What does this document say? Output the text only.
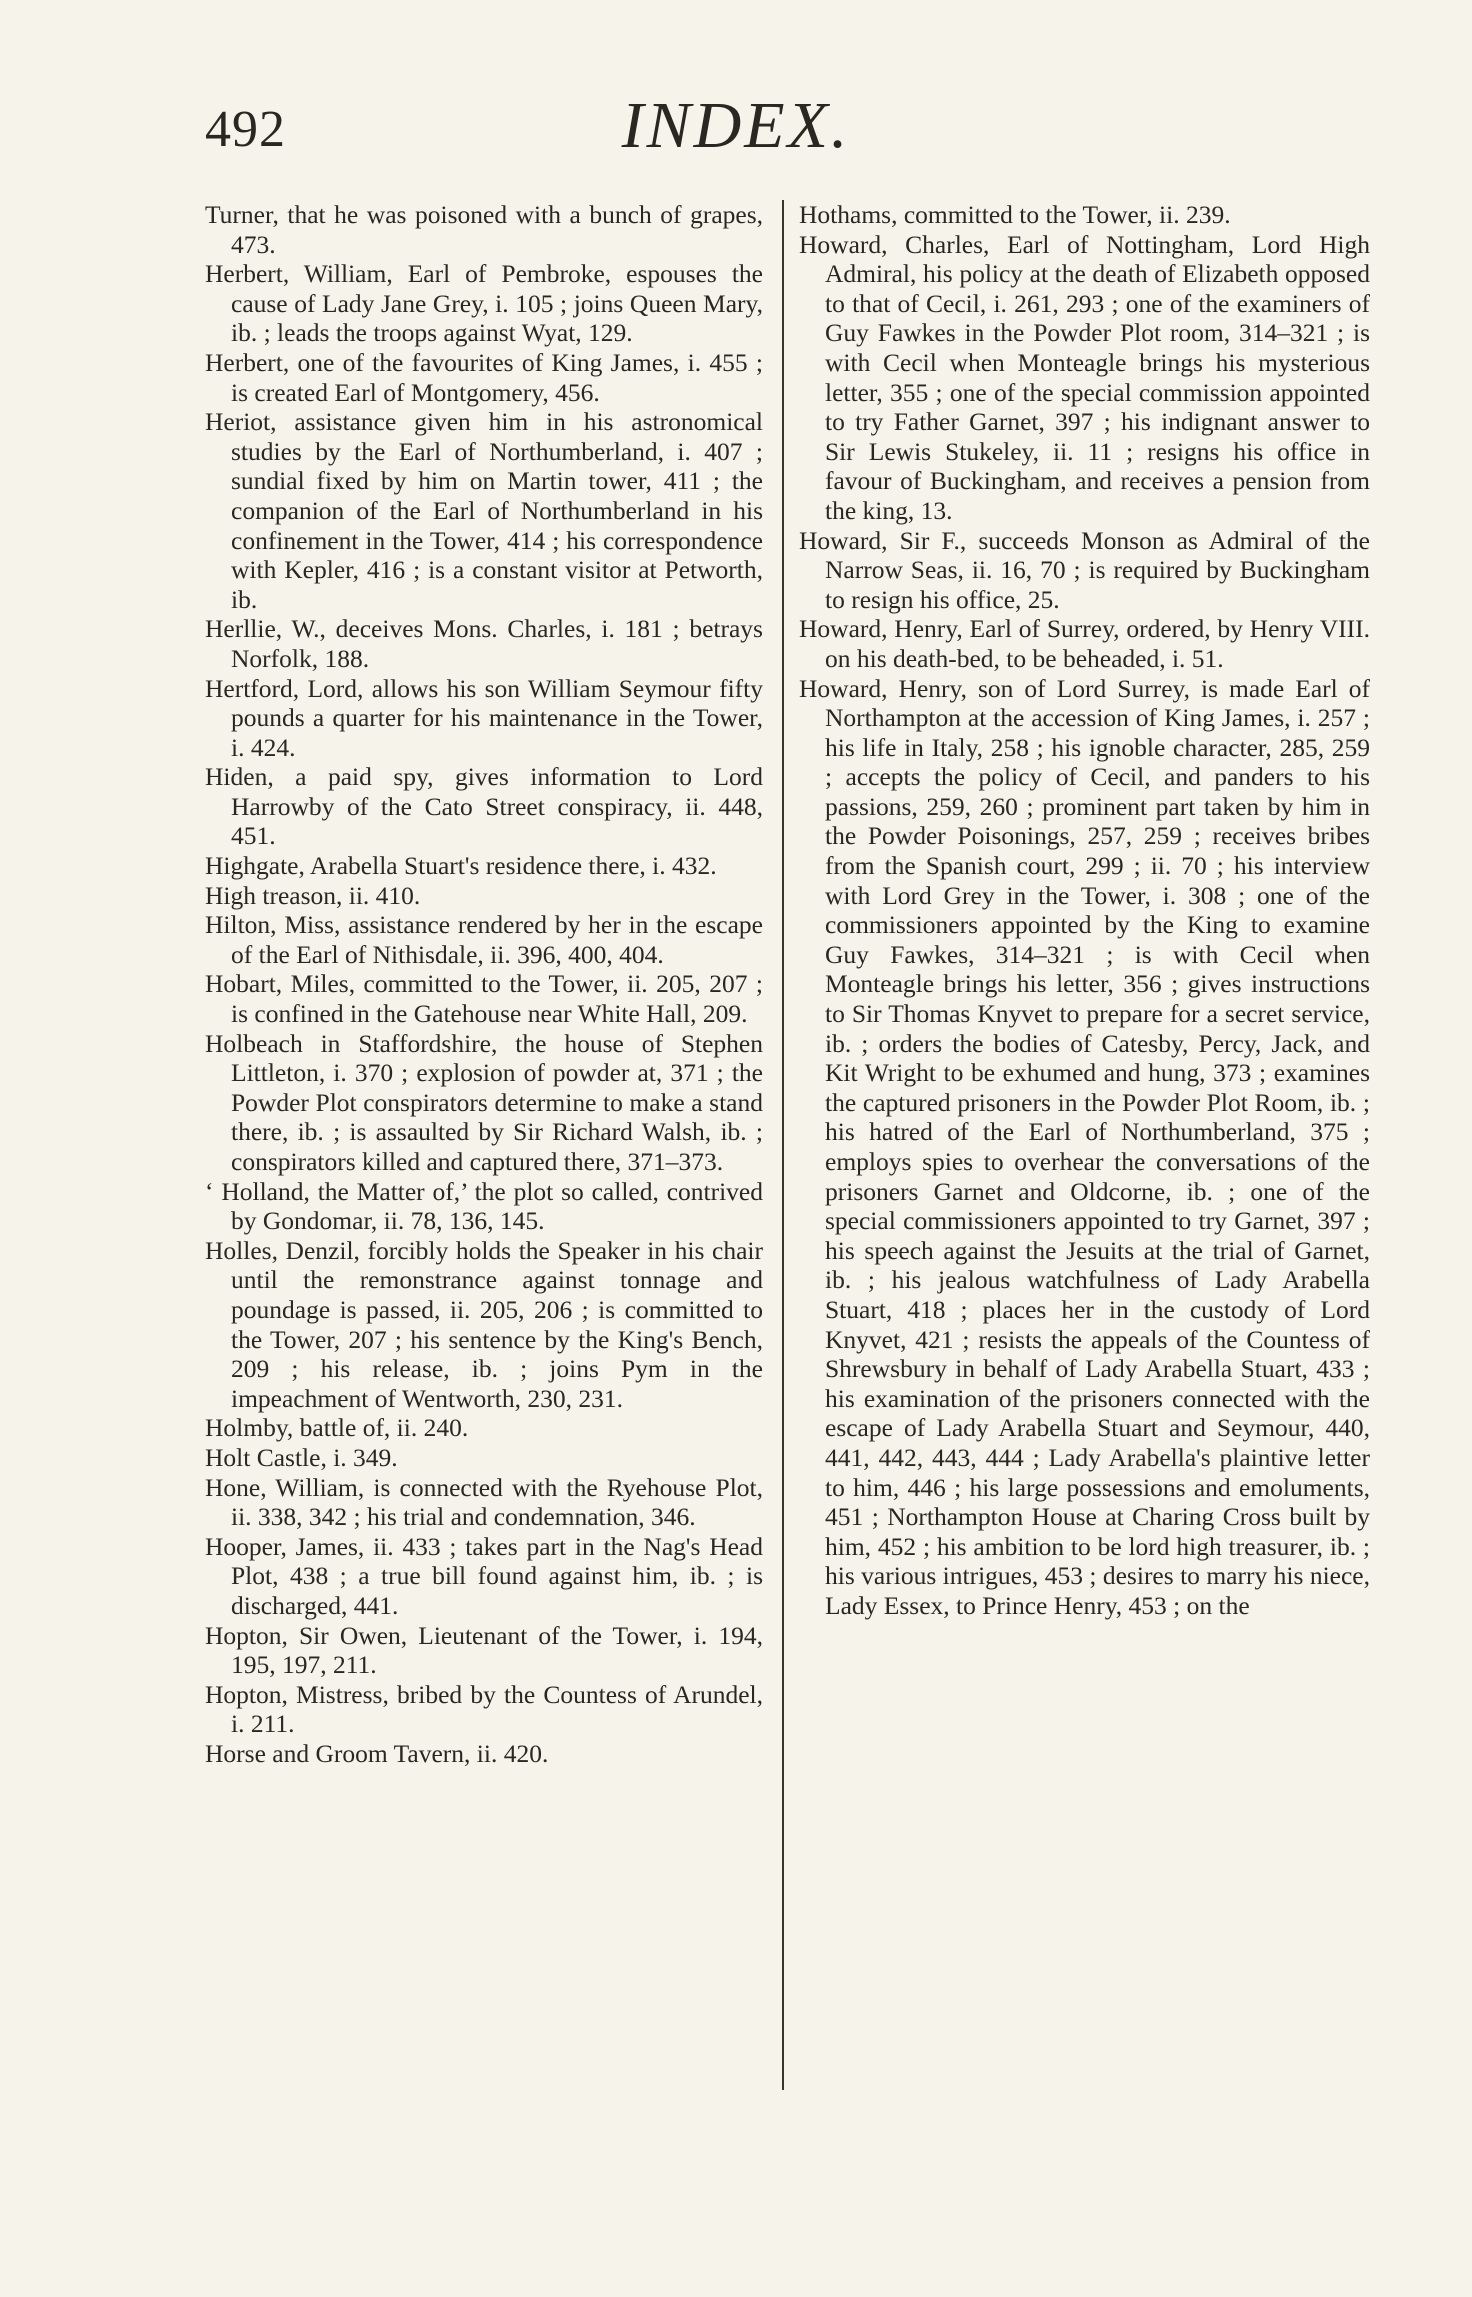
492	INDEX.

Turner, that he was poisoned with a bunch of grapes, 473.

Herbert, William, Earl of Pembroke, espouses the cause of Lady Jane Grey, i. 105 ; joins Queen Mary, ib. ; leads the troops against Wyat, 129.

Herbert, one of the favourites of King James, i. 455 ; is created Earl of Montgomery, 456.

Heriot, assistance given him in his astronomical studies by the Earl of Northumberland, i. 407 ; sundial fixed by him on Martin tower, 411 ; the companion of the Earl of Northumberland in his confinement in the Tower, 414 ; his correspondence with Kepler, 416 ; is a constant visitor at Petworth, ib.

Herllie, W., deceives Mons. Charles, i. 181 ; betrays Norfolk, 188.

Hertford, Lord, allows his son William Seymour fifty pounds a quarter for his maintenance in the Tower, i. 424.

Hiden, a paid spy, gives information to Lord Harrowby of the Cato Street conspiracy, ii. 448, 451.

Highgate, Arabella Stuart's residence there, i. 432.

High treason, ii. 410.

Hilton, Miss, assistance rendered by her in the escape of the Earl of Nithisdale, ii. 396, 400, 404.

Hobart, Miles, committed to the Tower, ii. 205, 207 ; is confined in the Gatehouse near White Hall, 209.

Holbeach in Staffordshire, the house of Stephen Littleton, i. 370 ; explosion of powder at, 371 ; the Powder Plot conspirators determine to make a stand there, ib. ; is assaulted by Sir Richard Walsh, ib. ; conspirators killed and captured there, 371–373.

‘ Holland, the Matter of,’ the plot so called, contrived by Gondomar, ii. 78, 136, 145.

Holles, Denzil, forcibly holds the Speaker in his chair until the remonstrance against tonnage and poundage is passed, ii. 205, 206 ; is committed to the Tower, 207 ; his sentence by the King's Bench, 209 ; his release, ib. ; joins Pym in the impeachment of Wentworth, 230, 231.

Holmby, battle of, ii. 240.

Holt Castle, i. 349.

Hone, William, is connected with the Ryehouse Plot, ii. 338, 342 ; his trial and condemnation, 346.

Hooper, James, ii. 433 ; takes part in the Nag's Head Plot, 438 ; a true bill found against him, ib. ; is discharged, 441.

Hopton, Sir Owen, Lieutenant of the Tower, i. 194, 195, 197, 211.

Hopton, Mistress, bribed by the Countess of Arundel, i. 211.

Horse and Groom Tavern, ii. 420.

Hothams, committed to the Tower, ii. 239.

Howard, Charles, Earl of Nottingham, Lord High Admiral, his policy at the death of Elizabeth opposed to that of Cecil, i. 261, 293 ; one of the examiners of Guy Fawkes in the Powder Plot room, 314–321 ; is with Cecil when Monteagle brings his mysterious letter, 355 ; one of the special commission appointed to try Father Garnet, 397 ; his indignant answer to Sir Lewis Stukeley, ii. 11 ; resigns his office in favour of Buckingham, and receives a pension from the king, 13.

Howard, Sir F., succeeds Monson as Admiral of the Narrow Seas, ii. 16, 70 ; is required by Buckingham to resign his office, 25.

Howard, Henry, Earl of Surrey, ordered, by Henry VIII. on his death-bed, to be beheaded, i. 51.

Howard, Henry, son of Lord Surrey, is made Earl of Northampton at the accession of King James, i. 257 ; his life in Italy, 258 ; his ignoble character, 285, 259 ; accepts the policy of Cecil, and panders to his passions, 259, 260 ; prominent part taken by him in the Powder Poisonings, 257, 259 ; receives bribes from the Spanish court, 299 ; ii. 70 ; his interview with Lord Grey in the Tower, i. 308 ; one of the commissioners appointed by the King to examine Guy Fawkes, 314–321 ; is with Cecil when Monteagle brings his letter, 356 ; gives instructions to Sir Thomas Knyvet to prepare for a secret service, ib. ; orders the bodies of Catesby, Percy, Jack, and Kit Wright to be exhumed and hung, 373 ; examines the captured prisoners in the Powder Plot Room, ib. ; his hatred of the Earl of Northumberland, 375 ; employs spies to overhear the conversations of the prisoners Garnet and Oldcorne, ib. ; one of the special commissioners appointed to try Garnet, 397 ; his speech against the Jesuits at the trial of Garnet, ib. ; his jealous watchfulness of Lady Arabella Stuart, 418 ; places her in the custody of Lord Knyvet, 421 ; resists the appeals of the Countess of Shrewsbury in behalf of Lady Arabella Stuart, 433 ; his examination of the prisoners connected with the escape of Lady Arabella Stuart and Seymour, 440, 441, 442, 443, 444 ; Lady Arabella's plaintive letter to him, 446 ; his large possessions and emoluments, 451 ; Northampton House at Charing Cross built by him, 452 ; his ambition to be lord high treasurer, ib. ; his various intrigues, 453 ; desires to marry his niece, Lady Essex, to Prince Henry, 453 ; on the
